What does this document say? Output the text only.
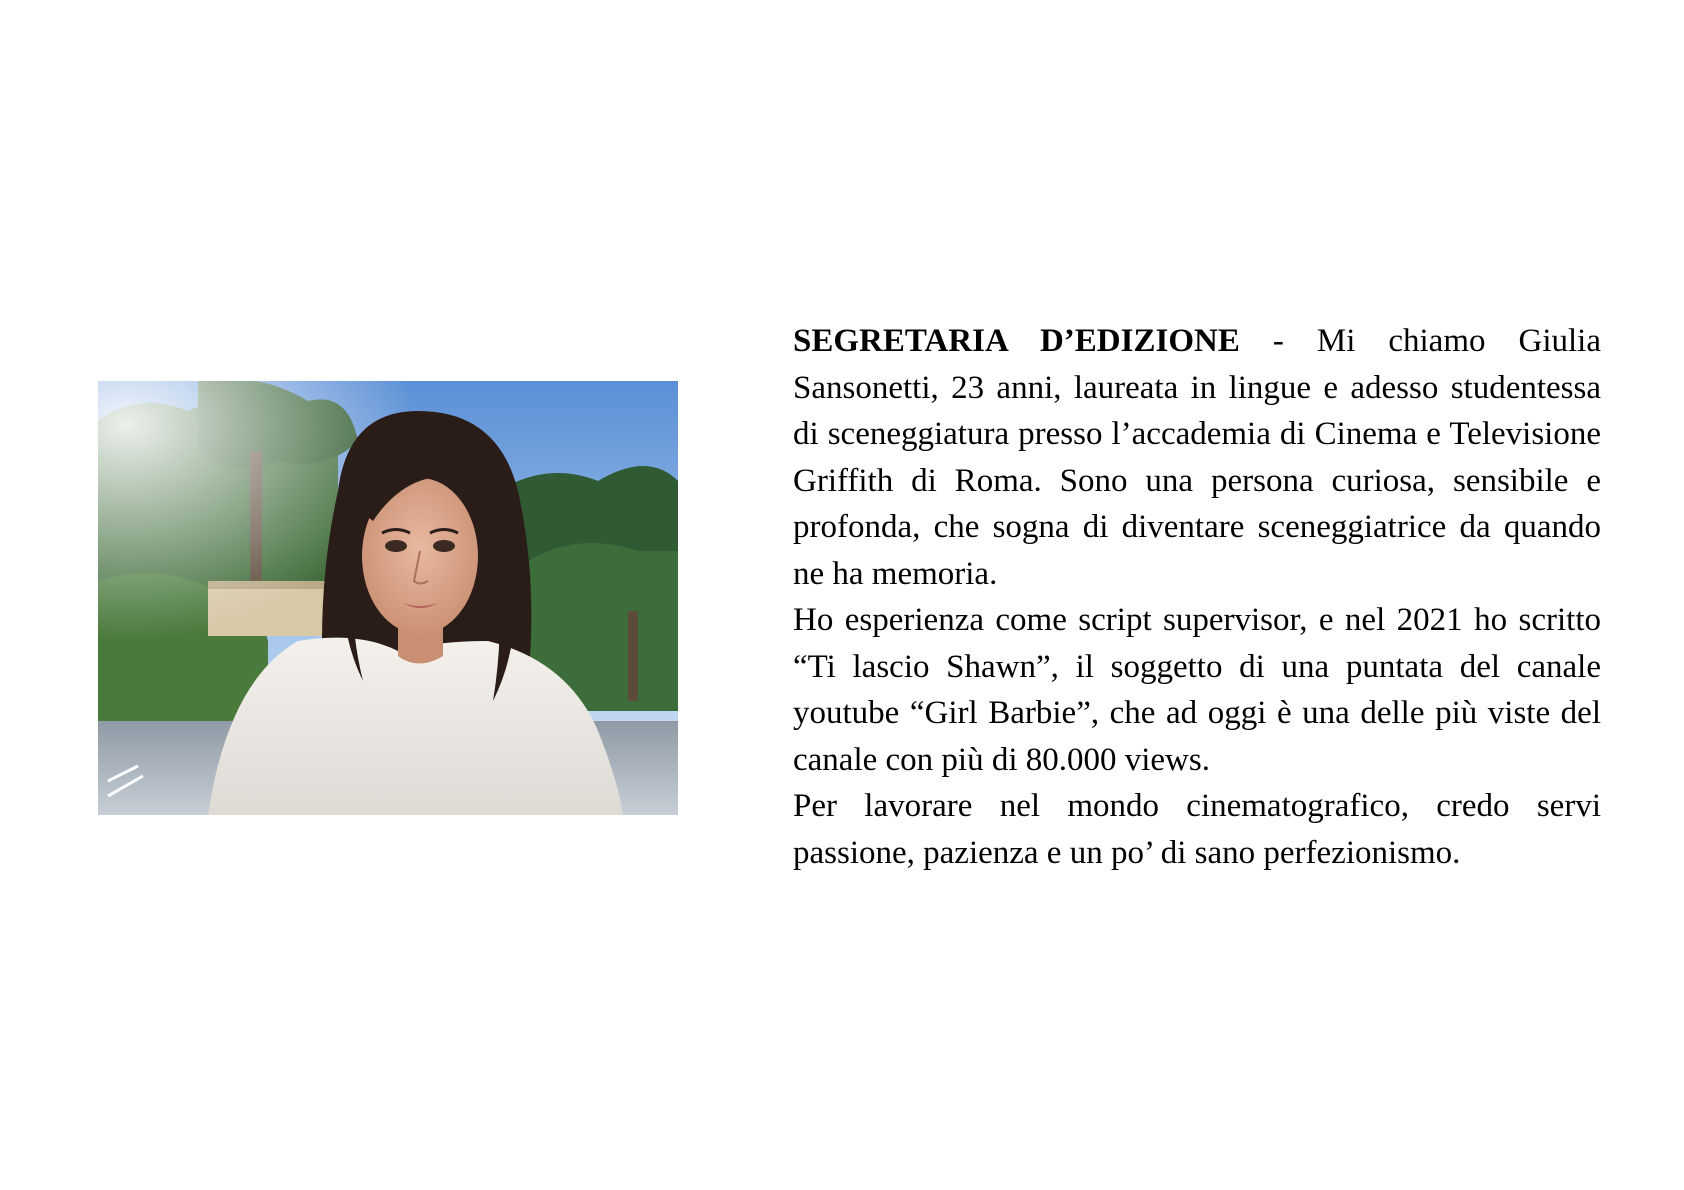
SEGRETARIA D’EDIZIONE - Mi chiamo Giulia Sansonetti, 23 anni, laureata in lingue e adesso studentessa di sceneggiatura presso l’accademia di Cinema e Televisione Griffith di Roma. Sono una persona curiosa, sensibile e profonda, che sogna di diventare sceneggiatrice da quando ne ha memoria.

Ho esperienza come script supervisor, e nel 2021 ho scritto “Ti lascio Shawn”, il soggetto di una puntata del canale youtube “Girl Barbie”, che ad oggi è una delle più viste del canale con più di 80.000 views.

Per lavorare nel mondo cinematografico, credo servi passione, pazienza e un po’ di sano perfezionismo.
